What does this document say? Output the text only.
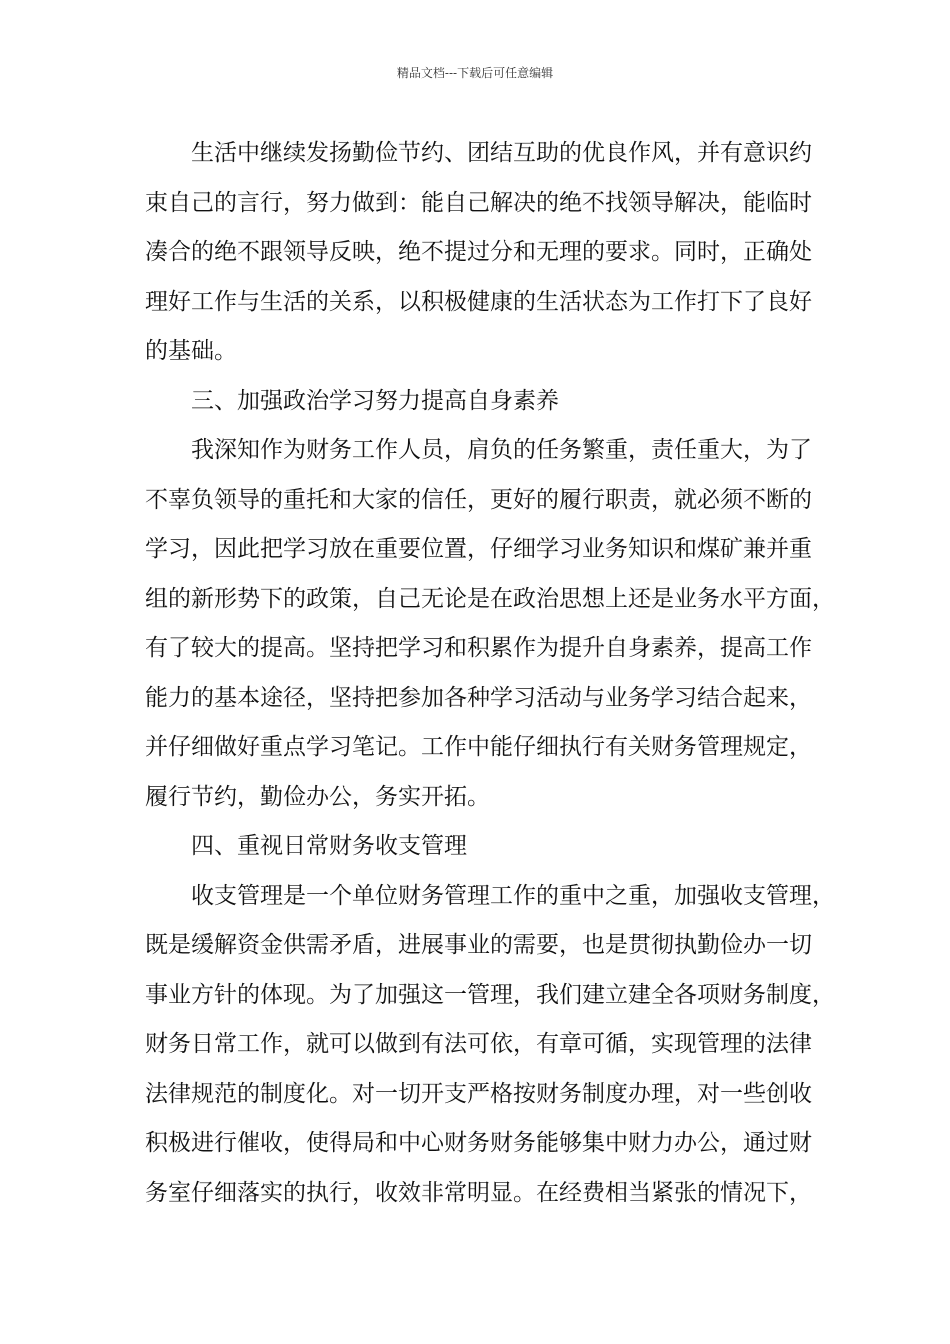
精品文档---下载后可任意编辑
生活中继续发扬勤俭节约、团结互助的优良作风，并有意识约
束自己的言行，努力做到：能自己解决的绝不找领导解决，能临时
凑合的绝不跟领导反映，绝不提过分和无理的要求。同时，正确处
理好工作与生活的关系，以积极健康的生活状态为工作打下了良好
的基础。
三、加强政治学习努力提高自身素养
我深知作为财务工作人员，肩负的任务繁重，责任重大，为了
不辜负领导的重托和大家的信任，更好的履行职责，就必须不断的
学习，因此把学习放在重要位置，仔细学习业务知识和煤矿兼并重
组的新形势下的政策，自己无论是在政治思想上还是业务水平方面，
有了较大的提高。坚持把学习和积累作为提升自身素养，提高工作
能力的基本途径，坚持把参加各种学习活动与业务学习结合起来，
并仔细做好重点学习笔记。工作中能仔细执行有关财务管理规定，
履行节约，勤俭办公，务实开拓。
四、重视日常财务收支管理
收支管理是一个单位财务管理工作的重中之重，加强收支管理，
既是缓解资金供需矛盾，进展事业的需要，也是贯彻执勤俭办一切
事业方针的体现。为了加强这一管理，我们建立建全各项财务制度，
财务日常工作，就可以做到有法可依，有章可循，实现管理的法律
法律规范的制度化。对一切开支严格按财务制度办理，对一些创收
积极进行催收，使得局和中心财务财务能够集中财力办公，通过财
务室仔细落实的执行，收效非常明显。在经费相当紧张的情况下，
